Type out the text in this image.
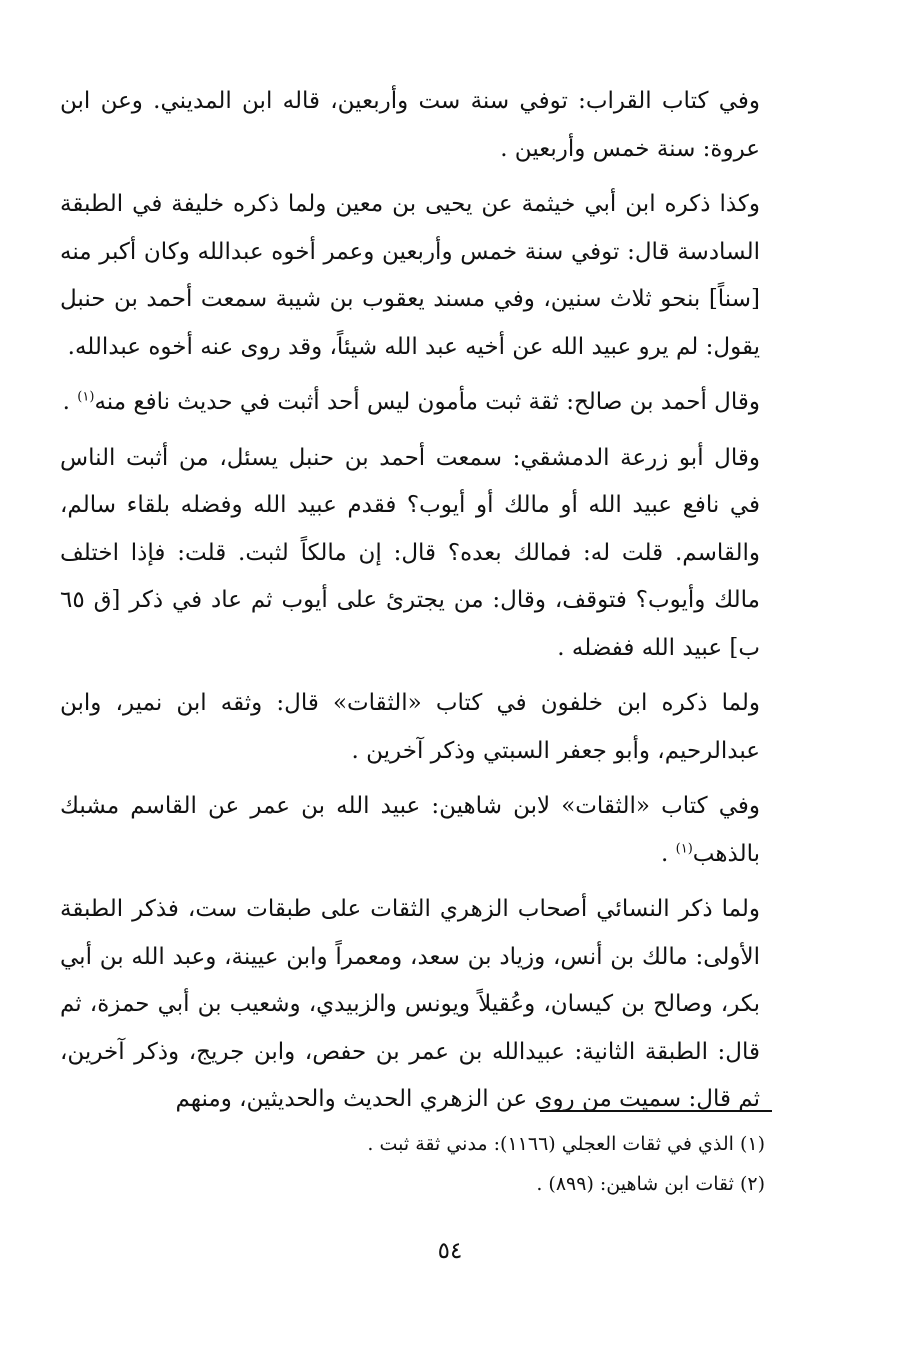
وفي كتاب القراب: توفي سنة ست وأربعين، قاله ابن المديني. وعن ابن عروة: سنة خمس وأربعين .

وكذا ذكره ابن أبي خيثمة عن يحيى بن معين ولما ذكره خليفة في الطبقة السادسة قال: توفي سنة خمس وأربعين وعمر أخوه عبدالله وكان أكبر منه [سناً] بنحو ثلاث سنين، وفي مسند يعقوب بن شيبة سمعت أحمد بن حنبل يقول: لم يرو عبيد الله عن أخيه عبد الله شيئاً، وقد روى عنه أخوه عبدالله.

وقال أحمد بن صالح: ثقة ثبت مأمون ليس أحد أثبت في حديث نافع منه$^{(١)}$ .

وقال أبو زرعة الدمشقي: سمعت أحمد بن حنبل يسئل، من أثبت الناس في نافع عبيد الله أو مالك أو أيوب؟ فقدم عبيد الله وفضله بلقاء سالم، والقاسم. قلت له: فمالك بعده؟ قال: إن مالكاً لثبت. قلت: فإذا اختلف مالك وأيوب؟ فتوقف، وقال: من يجترئ على أيوب ثم عاد في ذكر [ق ٦٥ ب] عبيد الله ففضله .

ولما ذكره ابن خلفون في كتاب «الثقات» قال: وثقه ابن نمير، وابن عبدالرحيم، وأبو جعفر السبتي وذكر آخرين .

وفي كتاب «الثقات» لابن شاهين: عبيد الله بن عمر عن القاسم مشبك بالذهب$^{(١)}$ .

ولما ذكر النسائي أصحاب الزهري الثقات على طبقات ست، فذكر الطبقة الأولى: مالك بن أنس، وزياد بن سعد، ومعمراً وابن عيينة، وعبد الله بن أبي بكر، وصالح بن كيسان، وعُقيلاً ويونس والزبيدي، وشعيب بن أبي حمزة، ثم قال: الطبقة الثانية: عبيدالله بن عمر بن حفص، وابن جريج، وذكر آخرين، ثم قال: سميت من روى عن الزهري الحديث والحديثين، ومنهم

(١) الذي في ثقات العجلي (١١٦٦): مدني ثقة ثبت .

(٢) ثقات ابن شاهين: (٨٩٩) .

٥٤
